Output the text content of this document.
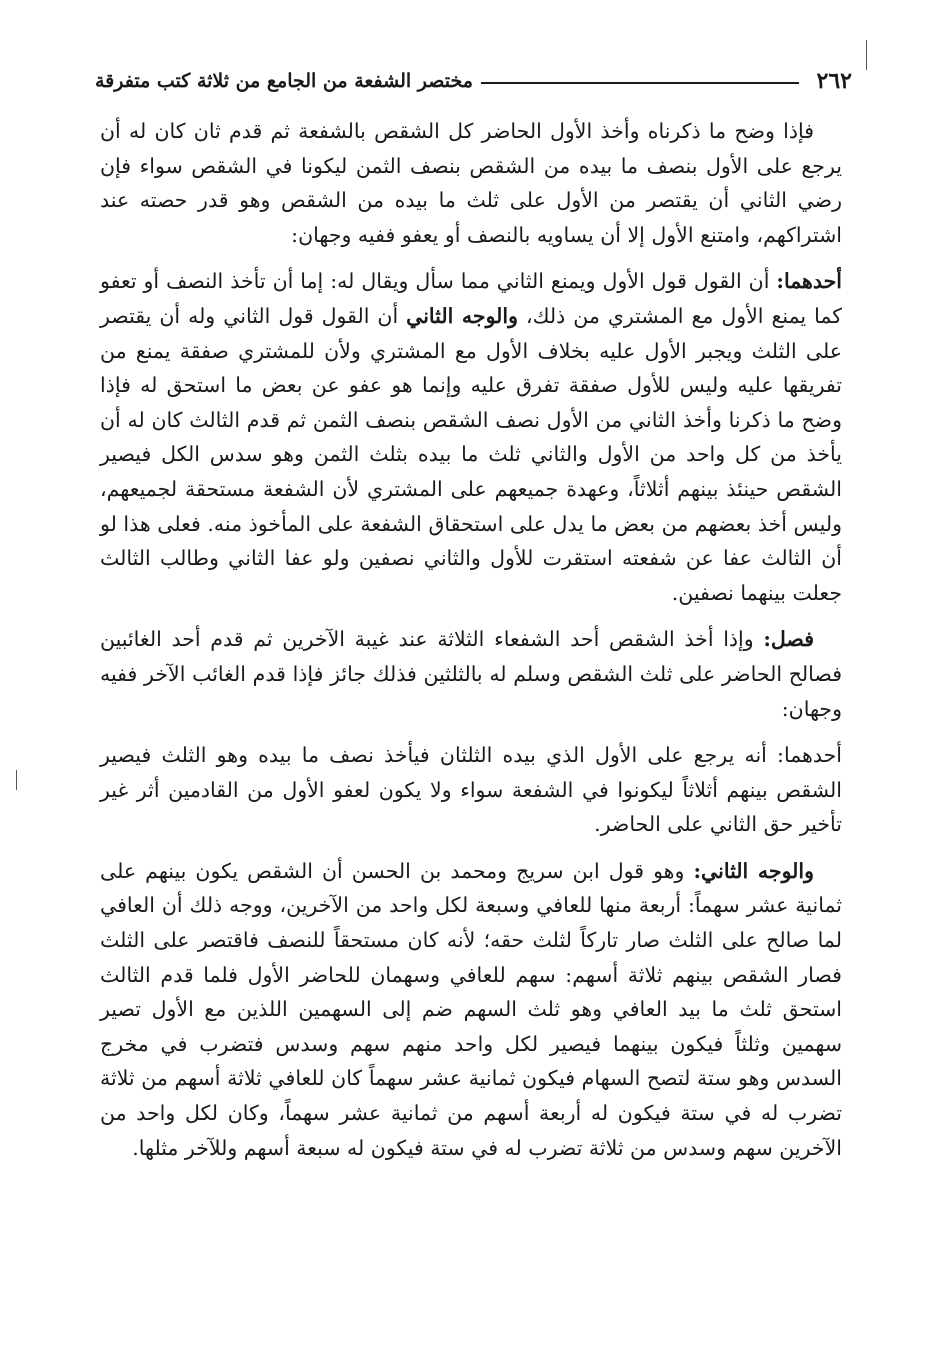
٢٦٢
مختصر الشفعة من الجامع من ثلاثة كتب متفرقة

فإذا وضح ما ذكرناه وأخذ الأول الحاضر كل الشقص بالشفعة ثم قدم ثان كان له أن يرجع على الأول بنصف ما بيده من الشقص بنصف الثمن ليكونا في الشقص سواء فإن رضي الثاني أن يقتصر من الأول على ثلث ما بيده من الشقص وهو قدر حصته عند اشتراكهم، وامتنع الأول إلا أن يساويه بالنصف أو يعفو ففيه وجهان:

أحدهما: أن القول قول الأول ويمنع الثاني مما سأل ويقال له: إما أن تأخذ النصف أو تعفو كما يمنع الأول مع المشتري من ذلك، والوجه الثاني أن القول قول الثاني وله أن يقتصر على الثلث ويجبر الأول عليه بخلاف الأول مع المشتري ولأن للمشتري صفقة يمنع من تفريقها عليه وليس للأول صفقة تفرق عليه وإنما هو عفو عن بعض ما استحق له فإذا وضح ما ذكرنا وأخذ الثاني من الأول نصف الشقص بنصف الثمن ثم قدم الثالث كان له أن يأخذ من كل واحد من الأول والثاني ثلث ما بيده بثلث الثمن وهو سدس الكل فيصير الشقص حينئذ بينهم أثلاثاً، وعهدة جميعهم على المشتري لأن الشفعة مستحقة لجميعهم، وليس أخذ بعضهم من بعض ما يدل على استحقاق الشفعة على المأخوذ منه. فعلى هذا لو أن الثالث عفا عن شفعته استقرت للأول والثاني نصفين ولو عفا الثاني وطالب الثالث جعلت بينهما نصفين.

فصل: وإذا أخذ الشقص أحد الشفعاء الثلاثة عند غيبة الآخرين ثم قدم أحد الغائبين فصالح الحاضر على ثلث الشقص وسلم له بالثلثين فذلك جائز فإذا قدم الغائب الآخر ففيه وجهان:

أحدهما: أنه يرجع على الأول الذي بيده الثلثان فيأخذ نصف ما بيده وهو الثلث فيصير الشقص بينهم أثلاثاً ليكونوا في الشفعة سواء ولا يكون لعفو الأول من القادمين أثر غير تأخير حق الثاني على الحاضر.

والوجه الثاني: وهو قول ابن سريج ومحمد بن الحسن أن الشقص يكون بينهم على ثمانية عشر سهماً: أربعة منها للعافي وسبعة لكل واحد من الآخرين، ووجه ذلك أن العافي لما صالح على الثلث صار تاركاً لثلث حقه؛ لأنه كان مستحقاً للنصف فاقتصر على الثلث فصار الشقص بينهم ثلاثة أسهم: سهم للعافي وسهمان للحاضر الأول فلما قدم الثالث استحق ثلث ما بيد العافي وهو ثلث السهم ضم إلى السهمين اللذين مع الأول تصير سهمين وثلثاً فيكون بينهما فيصير لكل واحد منهم سهم وسدس فتضرب في مخرج السدس وهو ستة لتصح السهام فيكون ثمانية عشر سهماً كان للعافي ثلاثة أسهم من ثلاثة تضرب له في ستة فيكون له أربعة أسهم من ثمانية عشر سهماً، وكان لكل واحد من الآخرين سهم وسدس من ثلاثة تضرب له في ستة فيكون له سبعة أسهم وللآخر مثلها.
